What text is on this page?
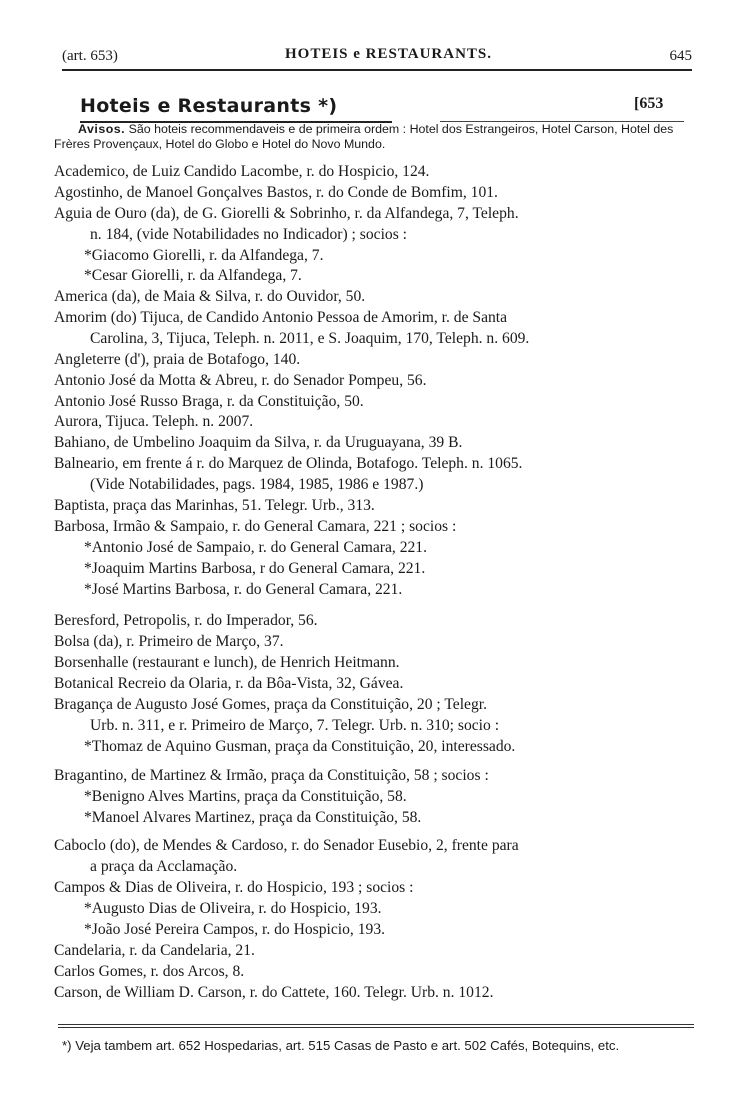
(art. 653)	HOTEIS e RESTAURANTS.	645
Hoteis e Restaurants *)	[653
Avisos. São hoteis recommendaveis e de primeira ordem : Hotel dos Estrangeiros, Hotel Carson, Hotel des Frères Provençaux, Hotel do Globo e Hotel do Novo Mundo.
Academico, de Luiz Candido Lacombe, r. do Hospicio, 124.
Agostinho, de Manoel Gonçalves Bastos, r. do Conde de Bomfim, 101.
Aguia de Ouro (da), de G. Giorelli & Sobrinho, r. da Alfandega, 7, Teleph.
n. 184, (vide Notabilidades no Indicador) ; socios :
*Giacomo Giorelli, r. da Alfandega, 7.
*Cesar Giorelli, r. da Alfandega, 7.
America (da), de Maia & Silva, r. do Ouvidor, 50.
Amorim (do) Tijuca, de Candido Antonio Pessoa de Amorim, r. de Santa
Carolina, 3, Tijuca, Teleph. n. 2011, e S. Joaquim, 170, Teleph. n. 609.
Angleterre (d'), praia de Botafogo, 140.
Antonio José da Motta & Abreu, r. do Senador Pompeu, 56.
Antonio José Russo Braga, r. da Constituição, 50.
Aurora, Tijuca. Teleph. n. 2007.
Bahiano, de Umbelino Joaquim da Silva, r. da Uruguayana, 39 B.
Balneario, em frente á r. do Marquez de Olinda, Botafogo. Teleph. n. 1065.
(Vide Notabilidades, pags. 1984, 1985, 1986 e 1987.)
Baptista, praça das Marinhas, 51. Telegr. Urb., 313.
Barbosa, Irmão & Sampaio, r. do General Camara, 221 ; socios :
*Antonio José de Sampaio, r. do General Camara, 221.
*Joaquim Martins Barbosa, r do General Camara, 221.
*José Martins Barbosa, r. do General Camara, 221.
Beresford, Petropolis, r. do Imperador, 56.
Bolsa (da), r. Primeiro de Março, 37.
Borsenhalle (restaurant e lunch), de Henrich Heitmann.
Botanical Recreio da Olaria, r. da Bôa-Vista, 32, Gávea.
Bragança de Augusto José Gomes, praça da Constituição, 20 ; Telegr.
Urb. n. 311, e r. Primeiro de Março, 7. Telegr. Urb. n. 310; socio :
*Thomaz de Aquino Gusman, praça da Constituição, 20, interessado.
Bragantino, de Martinez & Irmão, praça da Constituição, 58 ; socios :
*Benigno Alves Martins, praça da Constituição, 58.
*Manoel Alvares Martinez, praça da Constituição, 58.
Caboclo (do), de Mendes & Cardoso, r. do Senador Eusebio, 2, frente para
a praça da Acclamação.
Campos & Dias de Oliveira, r. do Hospicio, 193 ; socios :
*Augusto Dias de Oliveira, r. do Hospicio, 193.
*João José Pereira Campos, r. do Hospicio, 193.
Candelaria, r. da Candelaria, 21.
Carlos Gomes, r. dos Arcos, 8.
Carson, de William D. Carson, r. do Cattete, 160. Telegr. Urb. n. 1012.
*) Veja tambem art. 652 Hospedarias, art. 515 Casas de Pasto e art. 502 Cafés, Botequins, etc.
